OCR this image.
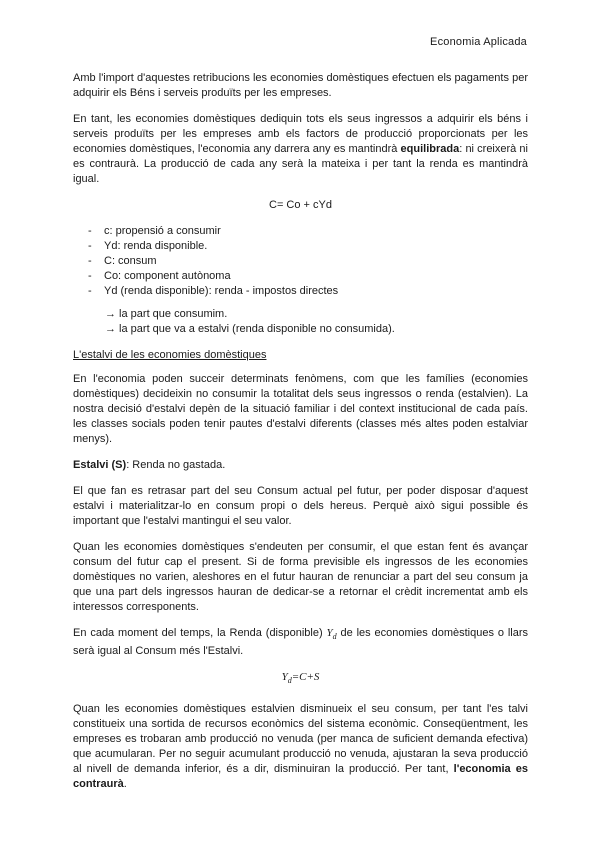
Economia Aplicada

Amb l'import d'aquestes retribucions les economies domèstiques efectuen els pagaments per adquirir els Béns i serveis produïts per les empreses.

En tant, les economies domèstiques dediquin tots els seus ingressos a adquirir els béns i serveis produïts per les empreses amb els factors de producció proporcionats per les economies domèstiques, l'economia any darrera any es mantindrà equilibrada: ni creixerà ni es contraurà. La producció de cada any serà la mateixa i per tant la renda es mantindrà igual.

C= Co + cYd
- c: propensió a consumir
- Yd: renda disponible.
- C: consum
- Co: component autònoma
- Yd (renda disponible): renda - impostos directes
→ la part que consumim.
→ la part que va a estalvi (renda disponible no consumida).
L'estalvi de les economies domèstiques

En l'economia poden succeir determinats fenòmens, com que les famílies (economies domèstiques) decideixin no consumir la totalitat dels seus ingressos o renda (estalvien). La nostra decisió d'estalvi depèn de la situació familiar i del context institucional de cada país. les classes socials poden tenir pautes d'estalvi diferents (classes més altes poden estalviar menys).

Estalvi (S): Renda no gastada.

El que fan es retrasar part del seu Consum actual pel futur, per poder disposar d'aquest estalvi i materialitzar-lo en consum propi o dels hereus. Perquè això sigui possible és important que l'estalvi mantingui el seu valor.

Quan les economies domèstiques s'endeuten per consumir, el que estan fent és avançar consum del futur cap el present. Si de forma previsible els ingressos de les economies domèstiques no varien, aleshores en el futur hauran de renunciar a part del seu consum ja que una part dels ingressos hauran de dedicar-se a retornar el crèdit incrementat amb els interessos corresponents.

En cada moment del temps, la Renda (disponible) $Y_d$ de les economies domèstiques o llars serà igual al Consum més l'Estalvi.

$Y_d=C+S$

Quan les economies domèstiques estalvien disminueix el seu consum, per tant l'es talvi constitueix una sortida de recursos econòmics del sistema econòmic. Conseqüentment, les empreses es trobaran amb producció no venuda (per manca de suficient demanda efectiva) que acumularan. Per no seguir acumulant producció no venuda, ajustaran la seva producció al nivell de demanda inferior, és a dir, disminuiran la producció. Per tant, l'economia es contraurà.
